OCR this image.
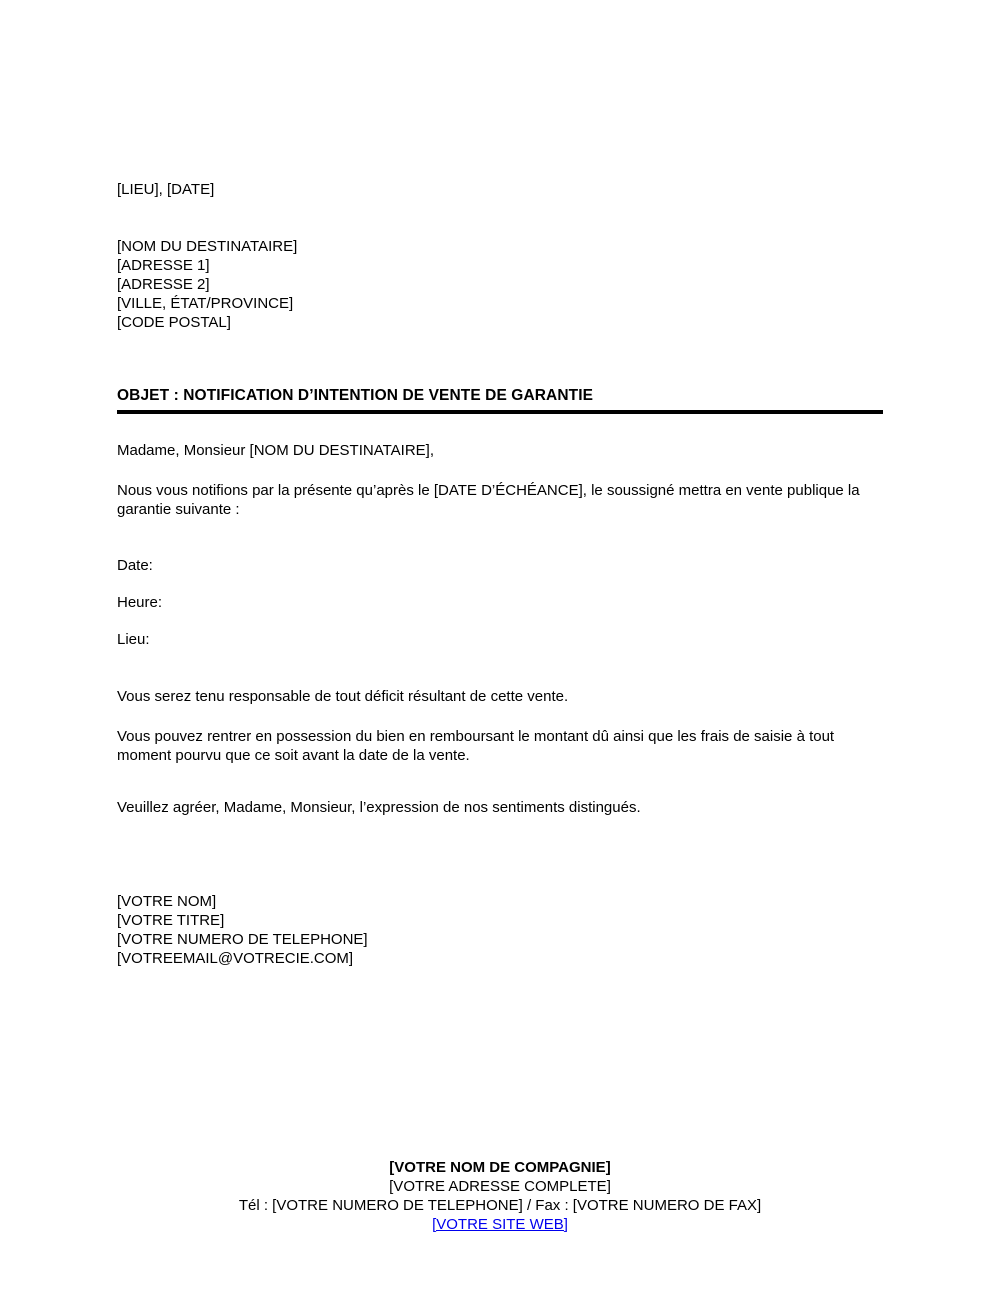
[LIEU], [DATE]
[NOM DU DESTINATAIRE]
[ADRESSE 1]
[ADRESSE 2]
[VILLE, ÉTAT/PROVINCE]
[CODE POSTAL]
OBJET : NOTIFICATION D’INTENTION DE VENTE DE GARANTIE
Madame, Monsieur [NOM DU DESTINATAIRE],
Nous vous notifions par la présente qu’après le [DATE D’ÉCHÉANCE], le soussigné mettra en vente publique la garantie suivante :
Date:
Heure:
Lieu:
Vous serez tenu responsable de tout déficit résultant de cette vente.
Vous pouvez rentrer en possession du bien en remboursant le montant dû ainsi que les frais de saisie à tout moment pourvu que ce soit avant la date de la vente.
Veuillez agréer, Madame, Monsieur, l’expression de nos sentiments distingués.
[VOTRE NOM]
[VOTRE TITRE]
[VOTRE NUMERO DE TELEPHONE]
[VOTREEMAIL@VOTRECIE.COM]
[VOTRE NOM DE COMPAGNIE]
[VOTRE ADRESSE COMPLETE]
Tél : [VOTRE NUMERO DE TELEPHONE] / Fax : [VOTRE NUMERO DE FAX]
[VOTRE SITE WEB]
